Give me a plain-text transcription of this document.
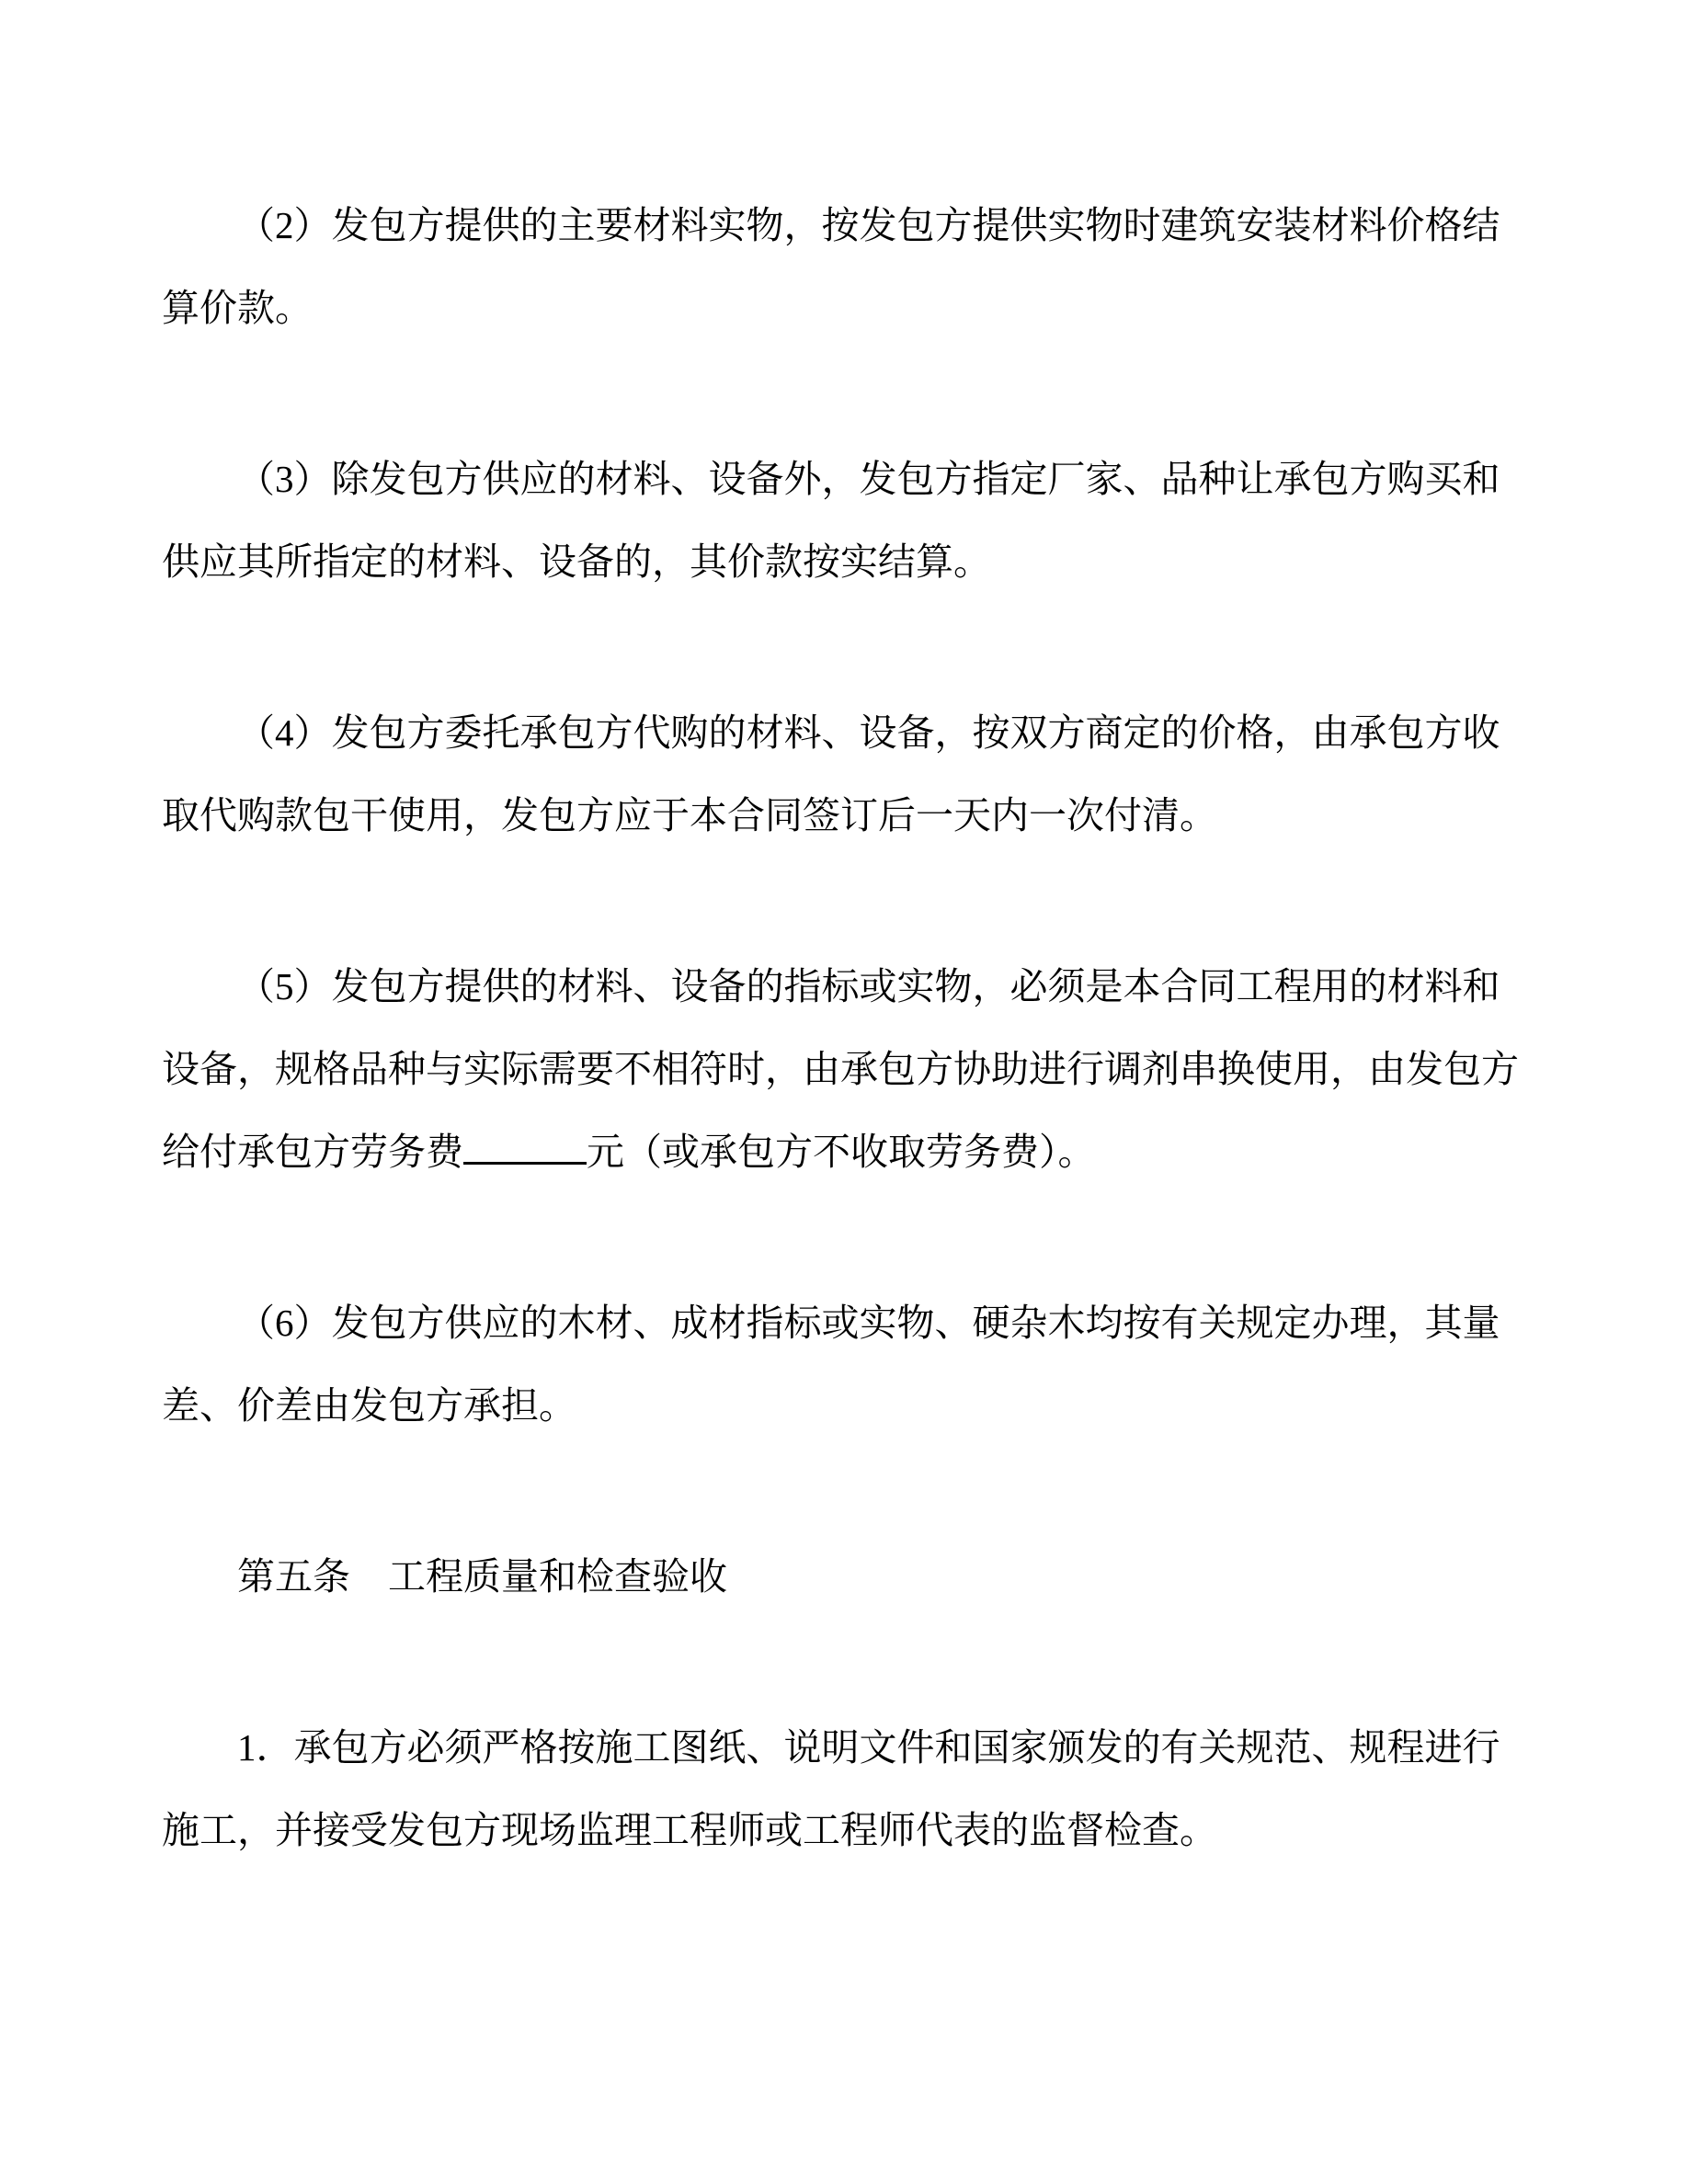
（2）发包方提供的主要材料实物，按发包方提供实物时建筑安装材料价格结
算价款。
（3）除发包方供应的材料、设备外，发包方指定厂家、品种让承包方购买和
供应其所指定的材料、设备的，其价款按实结算。
（4）发包方委托承包方代购的材料、设备，按双方商定的价格，由承包方收
取代购款包干使用，发包方应于本合同签订后一天内一次付清。
（5）发包方提供的材料、设备的指标或实物，必须是本合同工程用的材料和
设备，规格品种与实际需要不相符时，由承包方协助进行调剂串换使用，由发包方
给付承包方劳务费	元（或承包方不收取劳务费）。
（6）发包方供应的木材、成材指标或实物、硬杂木均按有关规定办理，其量
差、价差由发包方承担。
第五条 工程质量和检查验收
1．承包方必须严格按施工图纸、说明文件和国家颁发的有关规范、规程进行
施工，并接受发包方现场监理工程师或工程师代表的监督检查。
